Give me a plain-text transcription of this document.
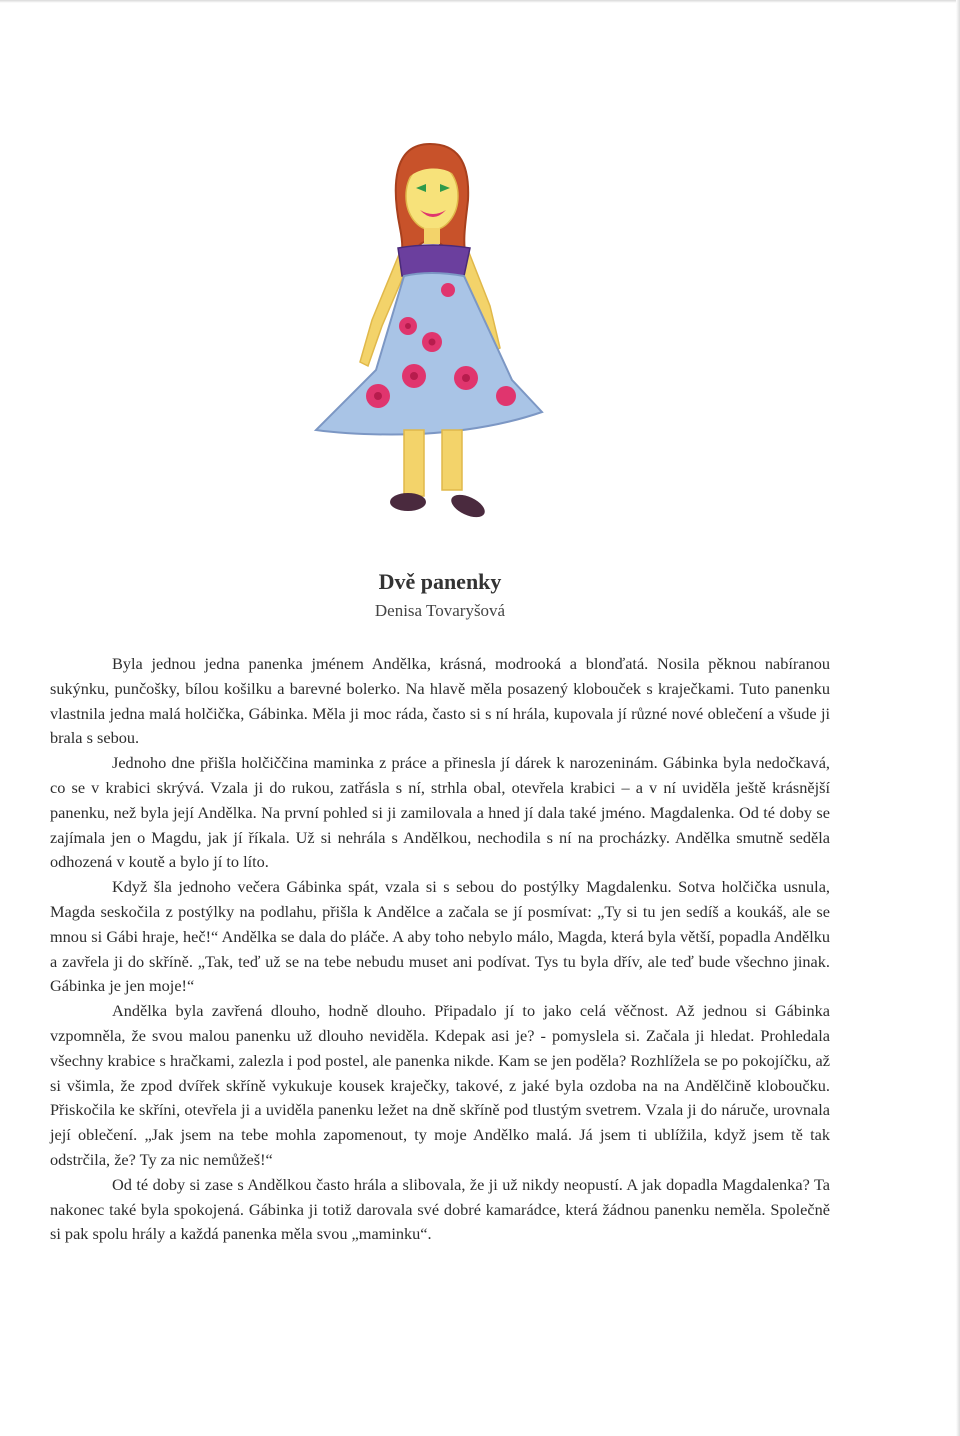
Dvě panenky
Denisa Tovaryšová

Byla jednou jedna panenka jménem Andělka, krásná, modrooká a blonďatá. Nosila pěknou nabíranou sukýnku, punčošky, bílou košilku a barevné bolerko. Na hlavě měla posazený klobouček s kraječkami. Tuto panenku vlastnila jedna malá holčička, Gábinka. Měla ji moc ráda, často si s ní hrála, kupovala jí různé nové oblečení a všude ji brala s sebou.

Jednoho dne přišla holčiččina maminka z práce a přinesla jí dárek k narozeninám. Gábinka byla nedočkavá, co se v krabici skrývá. Vzala ji do rukou, zatřásla s ní, strhla obal, otevřela krabici – a v ní uviděla ještě krásnější panenku, než byla její Andělka. Na první pohled si ji zamilovala a hned jí dala také jméno. Magdalenka. Od té doby se zajímala jen o Magdu, jak jí říkala. Už si nehrála s Andělkou, nechodila s ní na procházky. Andělka smutně seděla odhozená v koutě a bylo jí to líto.

Když šla jednoho večera Gábinka spát, vzala si s sebou do postýlky Magdalenku. Sotva holčička usnula, Magda seskočila z postýlky na podlahu, přišla k Andělce a začala se jí posmívat: „Ty si tu jen sedíš a koukáš, ale se mnou si Gábi hraje, heč!“ Andělka se dala do pláče. A aby toho nebylo málo, Magda, která byla větší, popadla Andělku a zavřela ji do skříně. „Tak, teď už se na tebe nebudu muset ani podívat. Tys tu byla dřív, ale teď bude všechno jinak. Gábinka je jen moje!“

Andělka byla zavřená dlouho, hodně dlouho. Připadalo jí to jako celá věčnost. Až jednou si Gábinka vzpomněla, že svou malou panenku už dlouho neviděla. Kdepak asi je? - pomyslela si. Začala ji hledat. Prohledala všechny krabice s hračkami, zalezla i pod postel, ale panenka nikde. Kam se jen poděla? Rozhlížela se po pokojíčku, až si všimla, že zpod dvířek skříně vykukuje kousek kraječky, takové, z jaké byla ozdoba na na Andělčině kloboučku. Přiskočila ke skříni, otevřela ji a uviděla panenku ležet na dně skříně pod tlustým svetrem. Vzala ji do náruče, urovnala její oblečení. „Jak jsem na tebe mohla zapomenout, ty moje Andělko malá. Já jsem ti ublížila, když jsem tě tak odstrčila, že? Ty za nic nemůžeš!“

Od té doby si zase s Andělkou často hrála a slibovala, že ji už nikdy neopustí. A jak dopadla Magdalenka? Ta nakonec také byla spokojená. Gábinka ji totiž darovala své dobré kamarádce, která žádnou panenku neměla. Společně si pak spolu hrály a každá panenka měla svou „maminku“.
